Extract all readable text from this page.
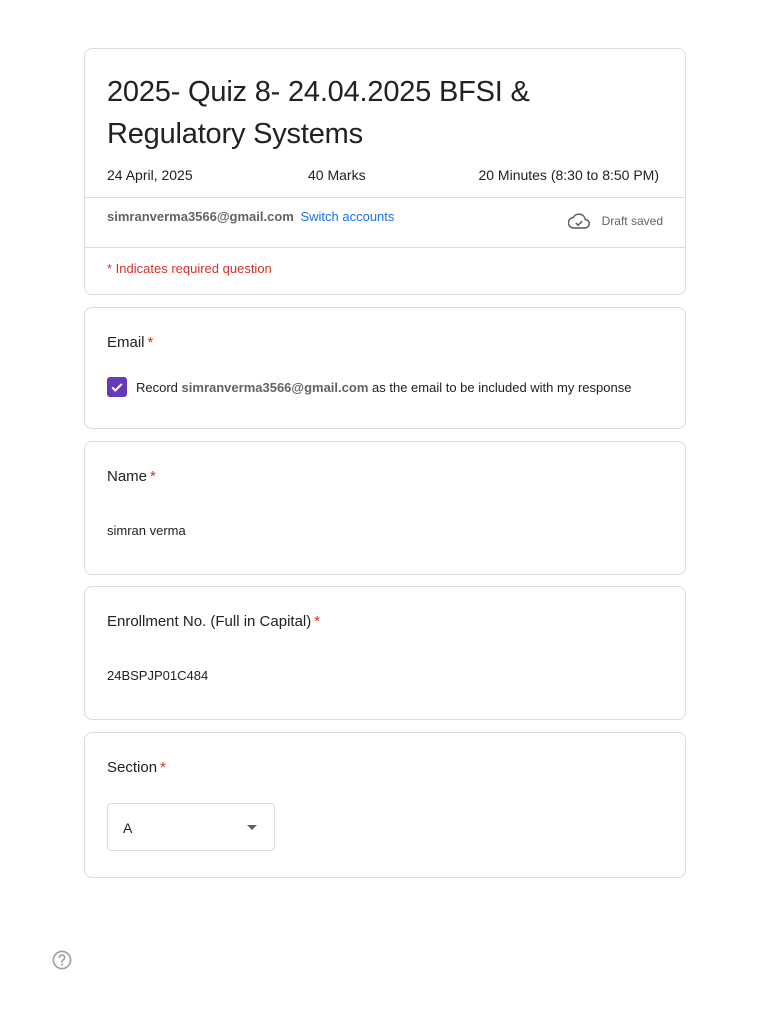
2025- Quiz 8- 24.04.2025 BFSI & Regulatory Systems
24 April, 2025	40 Marks	20 Minutes (8:30 to 8:50 PM)
simranverma3566@gmail.com Switch accounts	Draft saved
* Indicates required question
Email *
Record simranverma3566@gmail.com as the email to be included with my response
Name *
simran verma
Enrollment No. (Full in Capital) *
24BSPJP01C484
Section *
A
